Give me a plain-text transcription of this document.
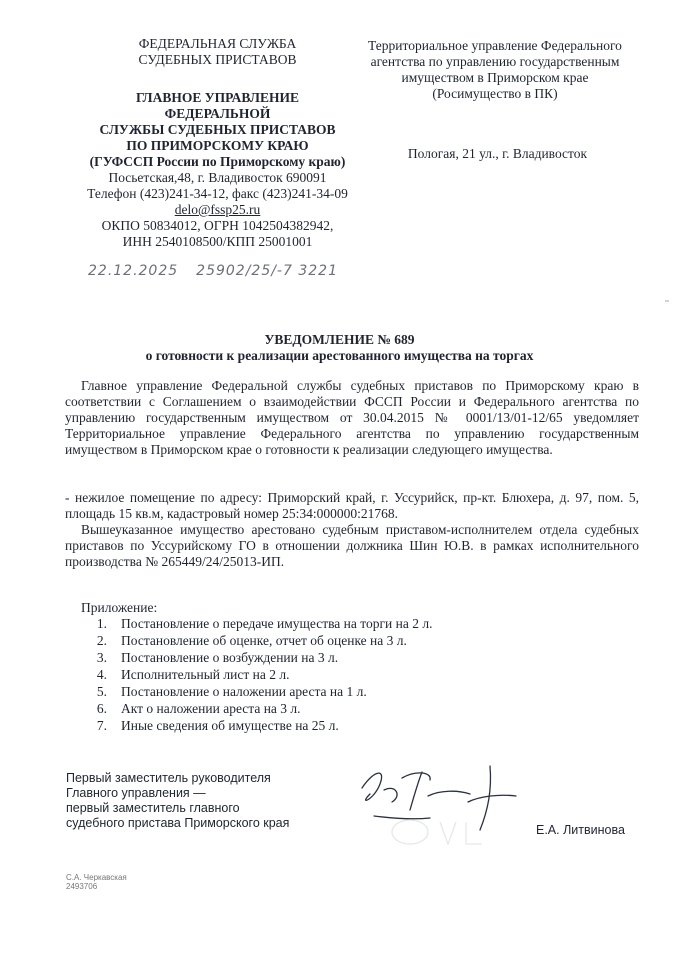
ФЕДЕРАЛЬНАЯ СЛУЖБА
СУДЕБНЫХ ПРИСТАВОВ
ГЛАВНОЕ УПРАВЛЕНИЕ
ФЕДЕРАЛЬНОЙ
СЛУЖБЫ СУДЕБНЫХ ПРИСТАВОВ
ПО ПРИМОРСКОМУ КРАЮ
(ГУФССП России по Приморскому краю)
Посьетская,48, г. Владивосток 690091
Телефон (423)241-34-12, факс (423)241-34-09
delo@fssp25.ru
ОКПО 50834012, ОГРН 1042504382942,
ИНН 2540108500/КПП 25001001
22.12.2025 25902/25/-7 3221
Территориальное управление Федерального
агентства по управлению государственным
имуществом в Приморском крае
(Росимущество в ПК)
Пологая, 21 ул., г. Владивосток
УВЕДОМЛЕНИЕ № 689
о готовности к реализации арестованного имущества на торгах
Главное управление Федеральной службы судебных приставов по Приморскому краю в соответствии с Соглашением о взаимодействии ФССП России и Федерального агентства по управлению государственным имуществом от 30.04.2015 № 0001/13/01-12/65 уведомляет Территориальное управление Федерального агентства по управлению государственным имуществом в Приморском крае о готовности к реализации следующего имущества.
- нежилое помещение по адресу: Приморский край, г. Уссурийск, пр-кт. Блюхера, д. 97, пом. 5, площадь 15 кв.м, кадастровый номер 25:34:000000:21768.
Вышеуказанное имущество арестовано судебным приставом-исполнителем отдела судебных приставов по Уссурийскому ГО в отношении должника Шин Ю.В. в рамках исполнительного производства № 265449/24/25013-ИП.
Приложение:
1.	Постановление о передаче имущества на торги на 2 л.
2.	Постановление об оценке, отчет об оценке на 3 л.
3.	Постановление о возбуждении на 3 л.
4.	Исполнительный лист на 2 л.
5.	Постановление о наложении ареста на 1 л.
6.	Акт о наложении ареста на 3 л.
7.	Иные сведения об имуществе на 25 л.
Первый заместитель руководителя
Главного управления —
первый заместитель главного
судебного пристава Приморского края	Е.А. Литвинова
С.А. Черкавская
2493706
